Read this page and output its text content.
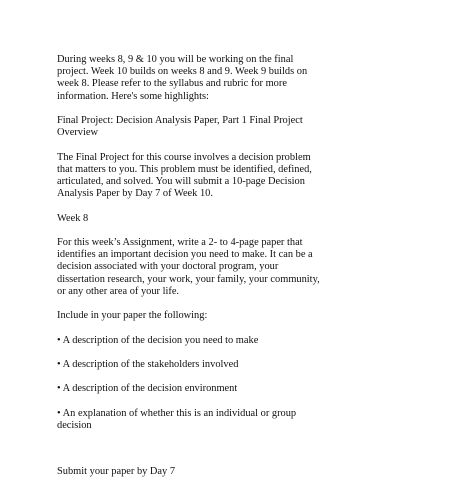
During weeks 8, 9 & 10 you will be working on the final
project. Week 10 builds on weeks 8 and 9. Week 9 builds on
week 8. Please refer to the syllabus and rubric for more
information. Here's some highlights:

Final Project: Decision Analysis Paper, Part 1 Final Project
Overview

The Final Project for this course involves a decision problem
that matters to you. This problem must be identified, defined,
articulated, and solved. You will submit a 10-page Decision
Analysis Paper by Day 7 of Week 10.

Week 8

For this week’s Assignment, write a 2- to 4-page paper that
identifies an important decision you need to make. It can be a
decision associated with your doctoral program, your
dissertation research, your work, your family, your community,
or any other area of your life.

Include in your paper the following:

• A description of the decision you need to make

• A description of the stakeholders involved

• A description of the decision environment

• An explanation of whether this is an individual or group
decision

Submit your paper by Day 7
